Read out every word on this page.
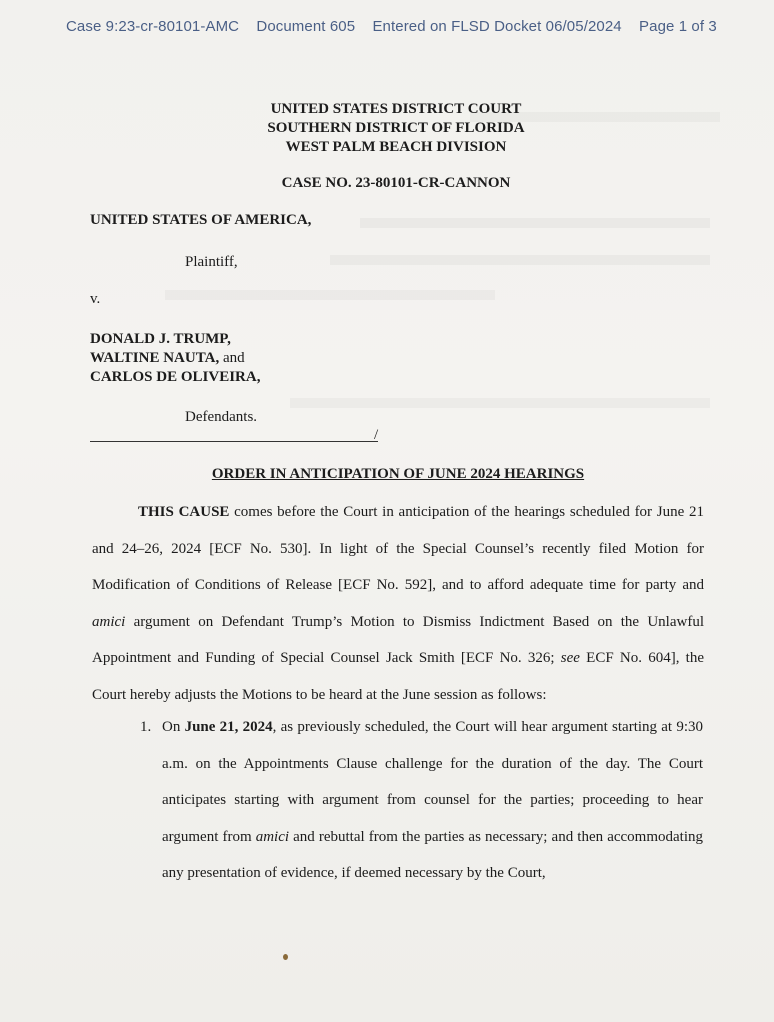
Case 9:23-cr-80101-AMC Document 605 Entered on FLSD Docket 06/05/2024 Page 1 of 3
UNITED STATES DISTRICT COURT
SOUTHERN DISTRICT OF FLORIDA
WEST PALM BEACH DIVISION
CASE NO. 23-80101-CR-CANNON
UNITED STATES OF AMERICA,
Plaintiff,
v.
DONALD J. TRUMP,
WALTINE NAUTA, and
CARLOS DE OLIVEIRA,
Defendants.
/
ORDER IN ANTICIPATION OF JUNE 2024 HEARINGS
THIS CAUSE comes before the Court in anticipation of the hearings scheduled for June 21 and 24–26, 2024 [ECF No. 530]. In light of the Special Counsel’s recently filed Motion for Modification of Conditions of Release [ECF No. 592], and to afford adequate time for party and amici argument on Defendant Trump’s Motion to Dismiss Indictment Based on the Unlawful Appointment and Funding of Special Counsel Jack Smith [ECF No. 326; see ECF No. 604], the Court hereby adjusts the Motions to be heard at the June session as follows:
1. On June 21, 2024, as previously scheduled, the Court will hear argument starting at 9:30 a.m. on the Appointments Clause challenge for the duration of the day. The Court anticipates starting with argument from counsel for the parties; proceeding to hear argument from amici and rebuttal from the parties as necessary; and then accommodating any presentation of evidence, if deemed necessary by the Court,
